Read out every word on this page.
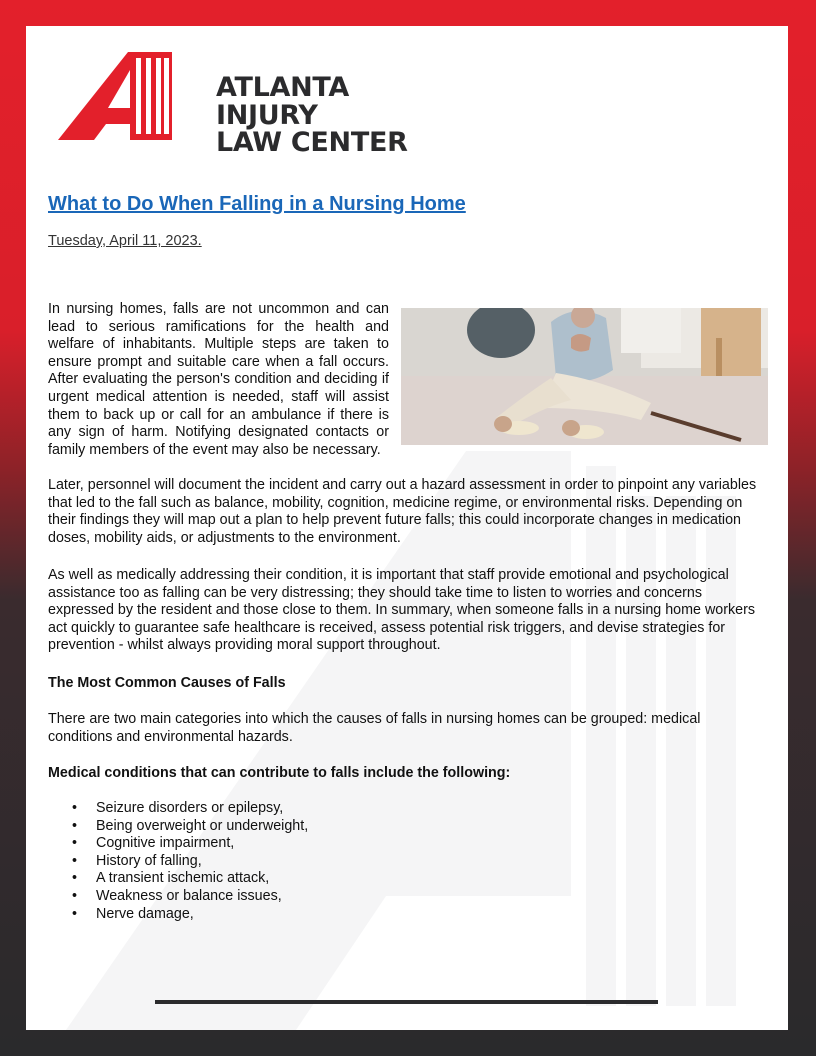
ATLANTA
INJURY
LAW CENTER
What to Do When Falling in a Nursing Home
Tuesday, April 11, 2023.

In nursing homes, falls are not uncommon and can lead to serious ramifications for the health and welfare of inhabitants. Multiple steps are taken to ensure prompt and suitable care when a fall occurs. After evaluating the person's condition and deciding if urgent medical attention is needed, staff will assist them to back up or call for an ambulance if there is any sign of harm. Notifying designated contacts or family members of the event may also be necessary.

Later, personnel will document the incident and carry out a hazard assessment in order to pinpoint any variables that led to the fall such as balance, mobility, cognition, medicine regime, or environmental risks. Depending on their findings they will map out a plan to help prevent future falls; this could incorporate changes in medication doses, mobility aids, or adjustments to the environment.

As well as medically addressing their condition, it is important that staff provide emotional and psychological assistance too as falling can be very distressing; they should take time to listen to worries and concerns expressed by the resident and those close to them. In summary, when someone falls in a nursing home workers act quickly to guarantee safe healthcare is received, assess potential risk triggers, and devise strategies for prevention - whilst always providing moral support throughout.

The Most Common Causes of Falls

There are two main categories into which the causes of falls in nursing homes can be grouped: medical conditions and environmental hazards.

Medical conditions that can contribute to falls include the following:

• Seizure disorders or epilepsy,
• Being overweight or underweight,
• Cognitive impairment,
• History of falling,
• A transient ischemic attack,
• Weakness or balance issues,
• Nerve damage,
